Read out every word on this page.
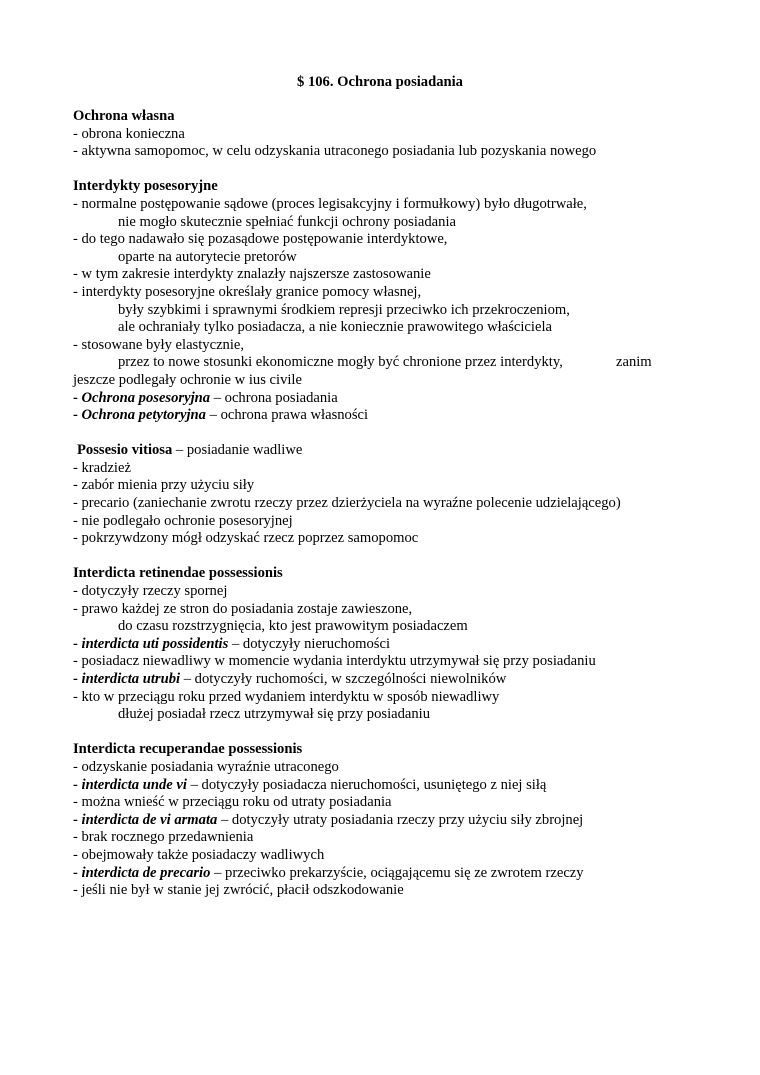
$ 106. Ochrona posiadania
Ochrona własna
- obrona konieczna
- aktywna samopomoc, w celu odzyskania utraconego posiadania lub pozyskania nowego
Interdykty posesoryjne
- normalne postępowanie sądowe (proces legisakcyjny i formułkowy) było długotrwałe,
nie mogło skutecznie spełniać funkcji ochrony posiadania
- do tego nadawało się pozasądowe postępowanie interdyktowe,
oparte na autorytecie pretorów
- w tym zakresie interdykty znalazły najszersze zastosowanie
- interdykty posesoryjne określały granice pomocy własnej,
były szybkimi i sprawnymi środkiem represji przeciwko ich przekroczeniom,
ale ochraniały tylko posiadacza, a nie koniecznie prawowitego właściciela
- stosowane były elastycznie,
przez to nowe stosunki ekonomiczne mogły być chronione przez interdykty,	zanim
jeszcze podlegały ochronie w ius civile
- Ochrona posesoryjna – ochrona posiadania
- Ochrona petytoryjna – ochrona prawa własności
Possesio vitiosa – posiadanie wadliwe
- kradzież
- zabór mienia przy użyciu siły
- precario (zaniechanie zwrotu rzeczy przez dzierżyciela na wyraźne polecenie udzielającego)
- nie podlegało ochronie posesoryjnej
- pokrzywdzony mógł odzyskać rzecz poprzez samopomoc
Interdicta retinendae possessionis
- dotyczyły rzeczy spornej
- prawo każdej ze stron do posiadania zostaje zawieszone,
do czasu rozstrzygnięcia, kto jest prawowitym posiadaczem
- interdicta uti possidentis – dotyczyły nieruchomości
- posiadacz niewadliwy w momencie wydania interdyktu utrzymywał się przy posiadaniu
- interdicta utrubi – dotyczyły ruchomości, w szczególności niewolników
- kto w przeciągu roku przed wydaniem interdyktu w sposób niewadliwy
dłużej posiadał rzecz utrzymywał się przy posiadaniu
Interdicta recuperandae possessionis
- odzyskanie posiadania wyraźnie utraconego
- interdicta unde vi – dotyczyły posiadacza nieruchomości, usuniętego z niej siłą
- można wnieść w przeciągu roku od utraty posiadania
- interdicta de vi armata – dotyczyły utraty posiadania rzeczy przy użyciu siły zbrojnej
- brak rocznego przedawnienia
- obejmowały także posiadaczy wadliwych
- interdicta de precario – przeciwko prekarzyście, ociągającemu się ze zwrotem rzeczy
- jeśli nie był w stanie jej zwrócić, płacił odszkodowanie
